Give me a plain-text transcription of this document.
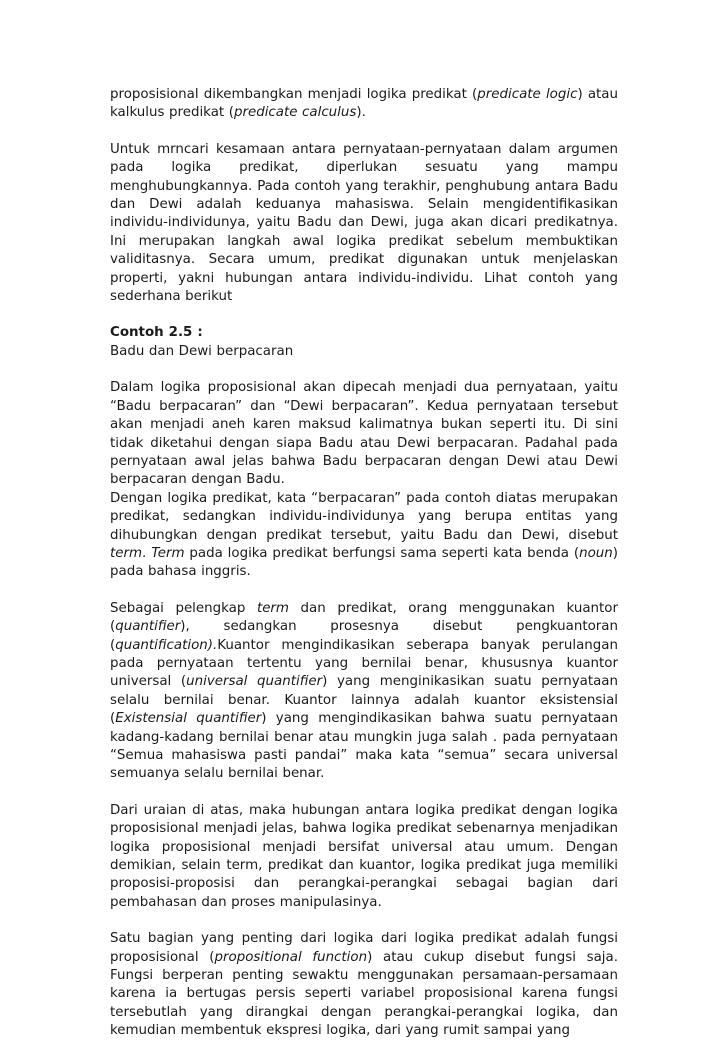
proposisional dikembangkan menjadi logika predikat (predicate logic) atau kalkulus predikat (predicate calculus).

Untuk mrncari kesamaan antara pernyataan-pernyataan dalam argumen pada logika predikat, diperlukan sesuatu yang mampu menghubungkannya. Pada contoh yang terakhir, penghubung antara Badu dan Dewi adalah keduanya mahasiswa. Selain mengidentifikasikan individu-individunya, yaitu Badu dan Dewi, juga akan dicari predikatnya. Ini merupakan langkah awal logika predikat sebelum membuktikan validitasnya. Secara umum, predikat digunakan untuk menjelaskan properti, yakni hubungan antara individu-individu. Lihat contoh yang sederhana berikut

Contoh 2.5 :

Badu dan Dewi berpacaran

Dalam logika proposisional akan dipecah menjadi dua pernyataan, yaitu “Badu berpacaran” dan “Dewi berpacaran”. Kedua pernyataan tersebut akan menjadi aneh karen maksud kalimatnya bukan seperti itu. Di sini tidak diketahui dengan siapa Badu atau Dewi berpacaran. Padahal pada pernyataan awal jelas bahwa Badu berpacaran dengan Dewi atau Dewi berpacaran dengan Badu.

Dengan logika predikat, kata “berpacaran” pada contoh diatas merupakan predikat, sedangkan individu-individunya yang berupa entitas yang dihubungkan dengan predikat tersebut, yaitu Badu dan Dewi, disebut term. Term pada logika predikat berfungsi sama seperti kata benda (noun) pada bahasa inggris.

Sebagai pelengkap term dan predikat, orang menggunakan kuantor (quantifier), sedangkan prosesnya disebut pengkuantoran (quantification).Kuantor mengindikasikan seberapa banyak perulangan pada pernyataan tertentu yang bernilai benar, khususnya kuantor universal (universal quantifier) yang menginikasikan suatu pernyataan selalu bernilai benar. Kuantor lainnya adalah kuantor eksistensial (Existensial quantifier) yang mengindikasikan bahwa suatu pernyataan kadang-kadang bernilai benar atau mungkin juga salah . pada pernyataan “Semua mahasiswa pasti pandai” maka kata “semua” secara universal semuanya selalu bernilai benar.

Dari uraian di atas, maka hubungan antara logika predikat dengan logika proposisional menjadi jelas, bahwa logika predikat sebenarnya menjadikan logika proposisional menjadi bersifat universal atau umum. Dengan demikian, selain term, predikat dan kuantor, logika predikat juga memiliki proposisi-proposisi dan perangkai-perangkai sebagai bagian dari pembahasan dan proses manipulasinya.

Satu bagian yang penting dari logika dari logika predikat adalah fungsi proposisional (propositional function) atau cukup disebut fungsi saja. Fungsi berperan penting sewaktu menggunakan persamaan-persamaan karena ia bertugas persis seperti variabel proposisional karena fungsi tersebutlah yang dirangkai dengan perangkai-perangkai logika, dan kemudian membentuk ekspresi logika, dari yang rumit sampai yang
